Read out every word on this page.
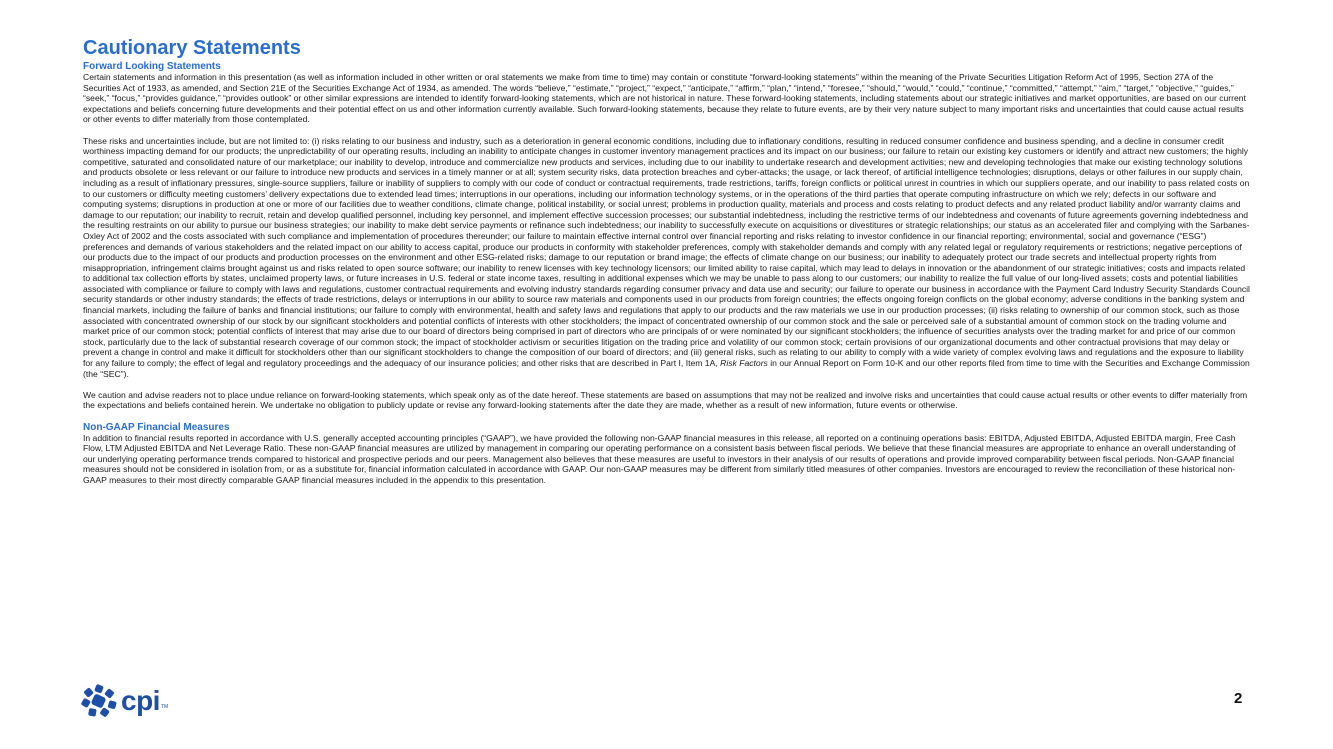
Cautionary Statements
Forward Looking Statements

Certain statements and information in this presentation (as well as information included in other written or oral statements we make from time to time) may contain or constitute “forward-looking statements” within the meaning of the Private Securities Litigation Reform Act of 1995, Section 27A of the Securities Act of 1933, as amended, and Section 21E of the Securities Exchange Act of 1934, as amended. The words “believe,” “estimate,” “project,” “expect,” “anticipate,” “affirm,” “plan,” “intend,” “foresee,” “should,” “would,” “could,” “continue,” “committed,” “attempt,” “aim,” “target,” “objective,” “guides,” “seek,” “focus,” “provides guidance,” “provides outlook” or other similar expressions are intended to identify forward-looking statements, which are not historical in nature. These forward-looking statements, including statements about our strategic initiatives and market opportunities, are based on our current expectations and beliefs concerning future developments and their potential effect on us and other information currently available. Such forward-looking statements, because they relate to future events, are by their very nature subject to many important risks and uncertainties that could cause actual results or other events to differ materially from those contemplated.

These risks and uncertainties include, but are not limited to: (i) risks relating to our business and industry, such as a deterioration in general economic conditions, including due to inflationary conditions, resulting in reduced consumer confidence and business spending, and a decline in consumer credit worthiness impacting demand for our products; the unpredictability of our operating results, including an inability to anticipate changes in customer inventory management practices and its impact on our business; our failure to retain our existing key customers or identify and attract new customers; the highly competitive, saturated and consolidated nature of our marketplace; our inability to develop, introduce and commercialize new products and services, including due to our inability to undertake research and development activities; new and developing technologies that make our existing technology solutions and products obsolete or less relevant or our failure to introduce new products and services in a timely manner or at all; system security risks, data protection breaches and cyber-attacks; the usage, or lack thereof, of artificial intelligence technologies; disruptions, delays or other failures in our supply chain, including as a result of inflationary pressures, single-source suppliers, failure or inability of suppliers to comply with our code of conduct or contractual requirements, trade restrictions, tariffs, foreign conflicts or political unrest in countries in which our suppliers operate, and our inability to pass related costs on to our customers or difficulty meeting customers’ delivery expectations due to extended lead times; interruptions in our operations, including our information technology systems, or in the operations of the third parties that operate computing infrastructure on which we rely; defects in our software and computing systems; disruptions in production at one or more of our facilities due to weather conditions, climate change, political instability, or social unrest; problems in production quality, materials and process and costs relating to product defects and any related product liability and/or warranty claims and damage to our reputation; our inability to recruit, retain and develop qualified personnel, including key personnel, and implement effective succession processes; our substantial indebtedness, including the restrictive terms of our indebtedness and covenants of future agreements governing indebtedness and the resulting restraints on our ability to pursue our business strategies; our inability to make debt service payments or refinance such indebtedness; our inability to successfully execute on acquisitions or divestitures or strategic relationships; our status as an accelerated filer and complying with the Sarbanes-Oxley Act of 2002 and the costs associated with such compliance and implementation of procedures thereunder; our failure to maintain effective internal control over financial reporting and risks relating to investor confidence in our financial reporting; environmental, social and governance (“ESG”) preferences and demands of various stakeholders and the related impact on our ability to access capital, produce our products in conformity with stakeholder preferences, comply with stakeholder demands and comply with any related legal or regulatory requirements or restrictions; negative perceptions of our products due to the impact of our products and production processes on the environment and other ESG-related risks; damage to our reputation or brand image; the effects of climate change on our business; our inability to adequately protect our trade secrets and intellectual property rights from misappropriation, infringement claims brought against us and risks related to open source software; our inability to renew licenses with key technology licensors; our limited ability to raise capital, which may lead to delays in innovation or the abandonment of our strategic initiatives; costs and impacts related to additional tax collection efforts by states, unclaimed property laws, or future increases in U.S. federal or state income taxes, resulting in additional expenses which we may be unable to pass along to our customers; our inability to realize the full value of our long-lived assets; costs and potential liabilities associated with compliance or failure to comply with laws and regulations, customer contractual requirements and evolving industry standards regarding consumer privacy and data use and security; our failure to operate our business in accordance with the Payment Card Industry Security Standards Council security standards or other industry standards; the effects of trade restrictions, delays or interruptions in our ability to source raw materials and components used in our products from foreign countries; the effects ongoing foreign conflicts on the global economy; adverse conditions in the banking system and financial markets, including the failure of banks and financial institutions; our failure to comply with environmental, health and safety laws and regulations that apply to our products and the raw materials we use in our production processes; (ii) risks relating to ownership of our common stock, such as those associated with concentrated ownership of our stock by our significant stockholders and potential conflicts of interests with other stockholders; the impact of concentrated ownership of our common stock and the sale or perceived sale of a substantial amount of common stock on the trading volume and market price of our common stock; potential conflicts of interest that may arise due to our board of directors being comprised in part of directors who are principals of or were nominated by our significant stockholders; the influence of securities analysts over the trading market for and price of our common stock, particularly due to the lack of substantial research coverage of our common stock; the impact of stockholder activism or securities litigation on the trading price and volatility of our common stock; certain provisions of our organizational documents and other contractual provisions that may delay or prevent a change in control and make it difficult for stockholders other than our significant stockholders to change the composition of our board of directors; and (iii) general risks, such as relating to our ability to comply with a wide variety of complex evolving laws and regulations and the exposure to liability for any failure to comply; the effect of legal and regulatory proceedings and the adequacy of our insurance policies; and other risks that are described in Part I, Item 1A, Risk Factors in our Annual Report on Form 10-K and our other reports filed from time to time with the Securities and Exchange Commission (the “SEC”).

We caution and advise readers not to place undue reliance on forward-looking statements, which speak only as of the date hereof. These statements are based on assumptions that may not be realized and involve risks and uncertainties that could cause actual results or other events to differ materially from the expectations and beliefs contained herein. We undertake no obligation to publicly update or revise any forward-looking statements after the date they are made, whether as a result of new information, future events or otherwise.

Non-GAAP Financial Measures

In addition to financial results reported in accordance with U.S. generally accepted accounting principles (“GAAP”), we have provided the following non-GAAP financial measures in this release, all reported on a continuing operations basis: EBITDA, Adjusted EBITDA, Adjusted EBITDA margin, Free Cash Flow, LTM Adjusted EBITDA and Net Leverage Ratio. These non-GAAP financial measures are utilized by management in comparing our operating performance on a consistent basis between fiscal periods. We believe that these financial measures are appropriate to enhance an overall understanding of our underlying operating performance trends compared to historical and prospective periods and our peers. Management also believes that these measures are useful to investors in their analysis of our results of operations and provide improved comparability between fiscal periods. Non-GAAP financial measures should not be considered in isolation from, or as a substitute for, financial information calculated in accordance with GAAP. Our non-GAAP measures may be different from similarly titled measures of other companies. Investors are encouraged to review the reconciliation of these historical non-GAAP measures to their most directly comparable GAAP financial measures included in the appendix to this presentation.

cpi TM	2
